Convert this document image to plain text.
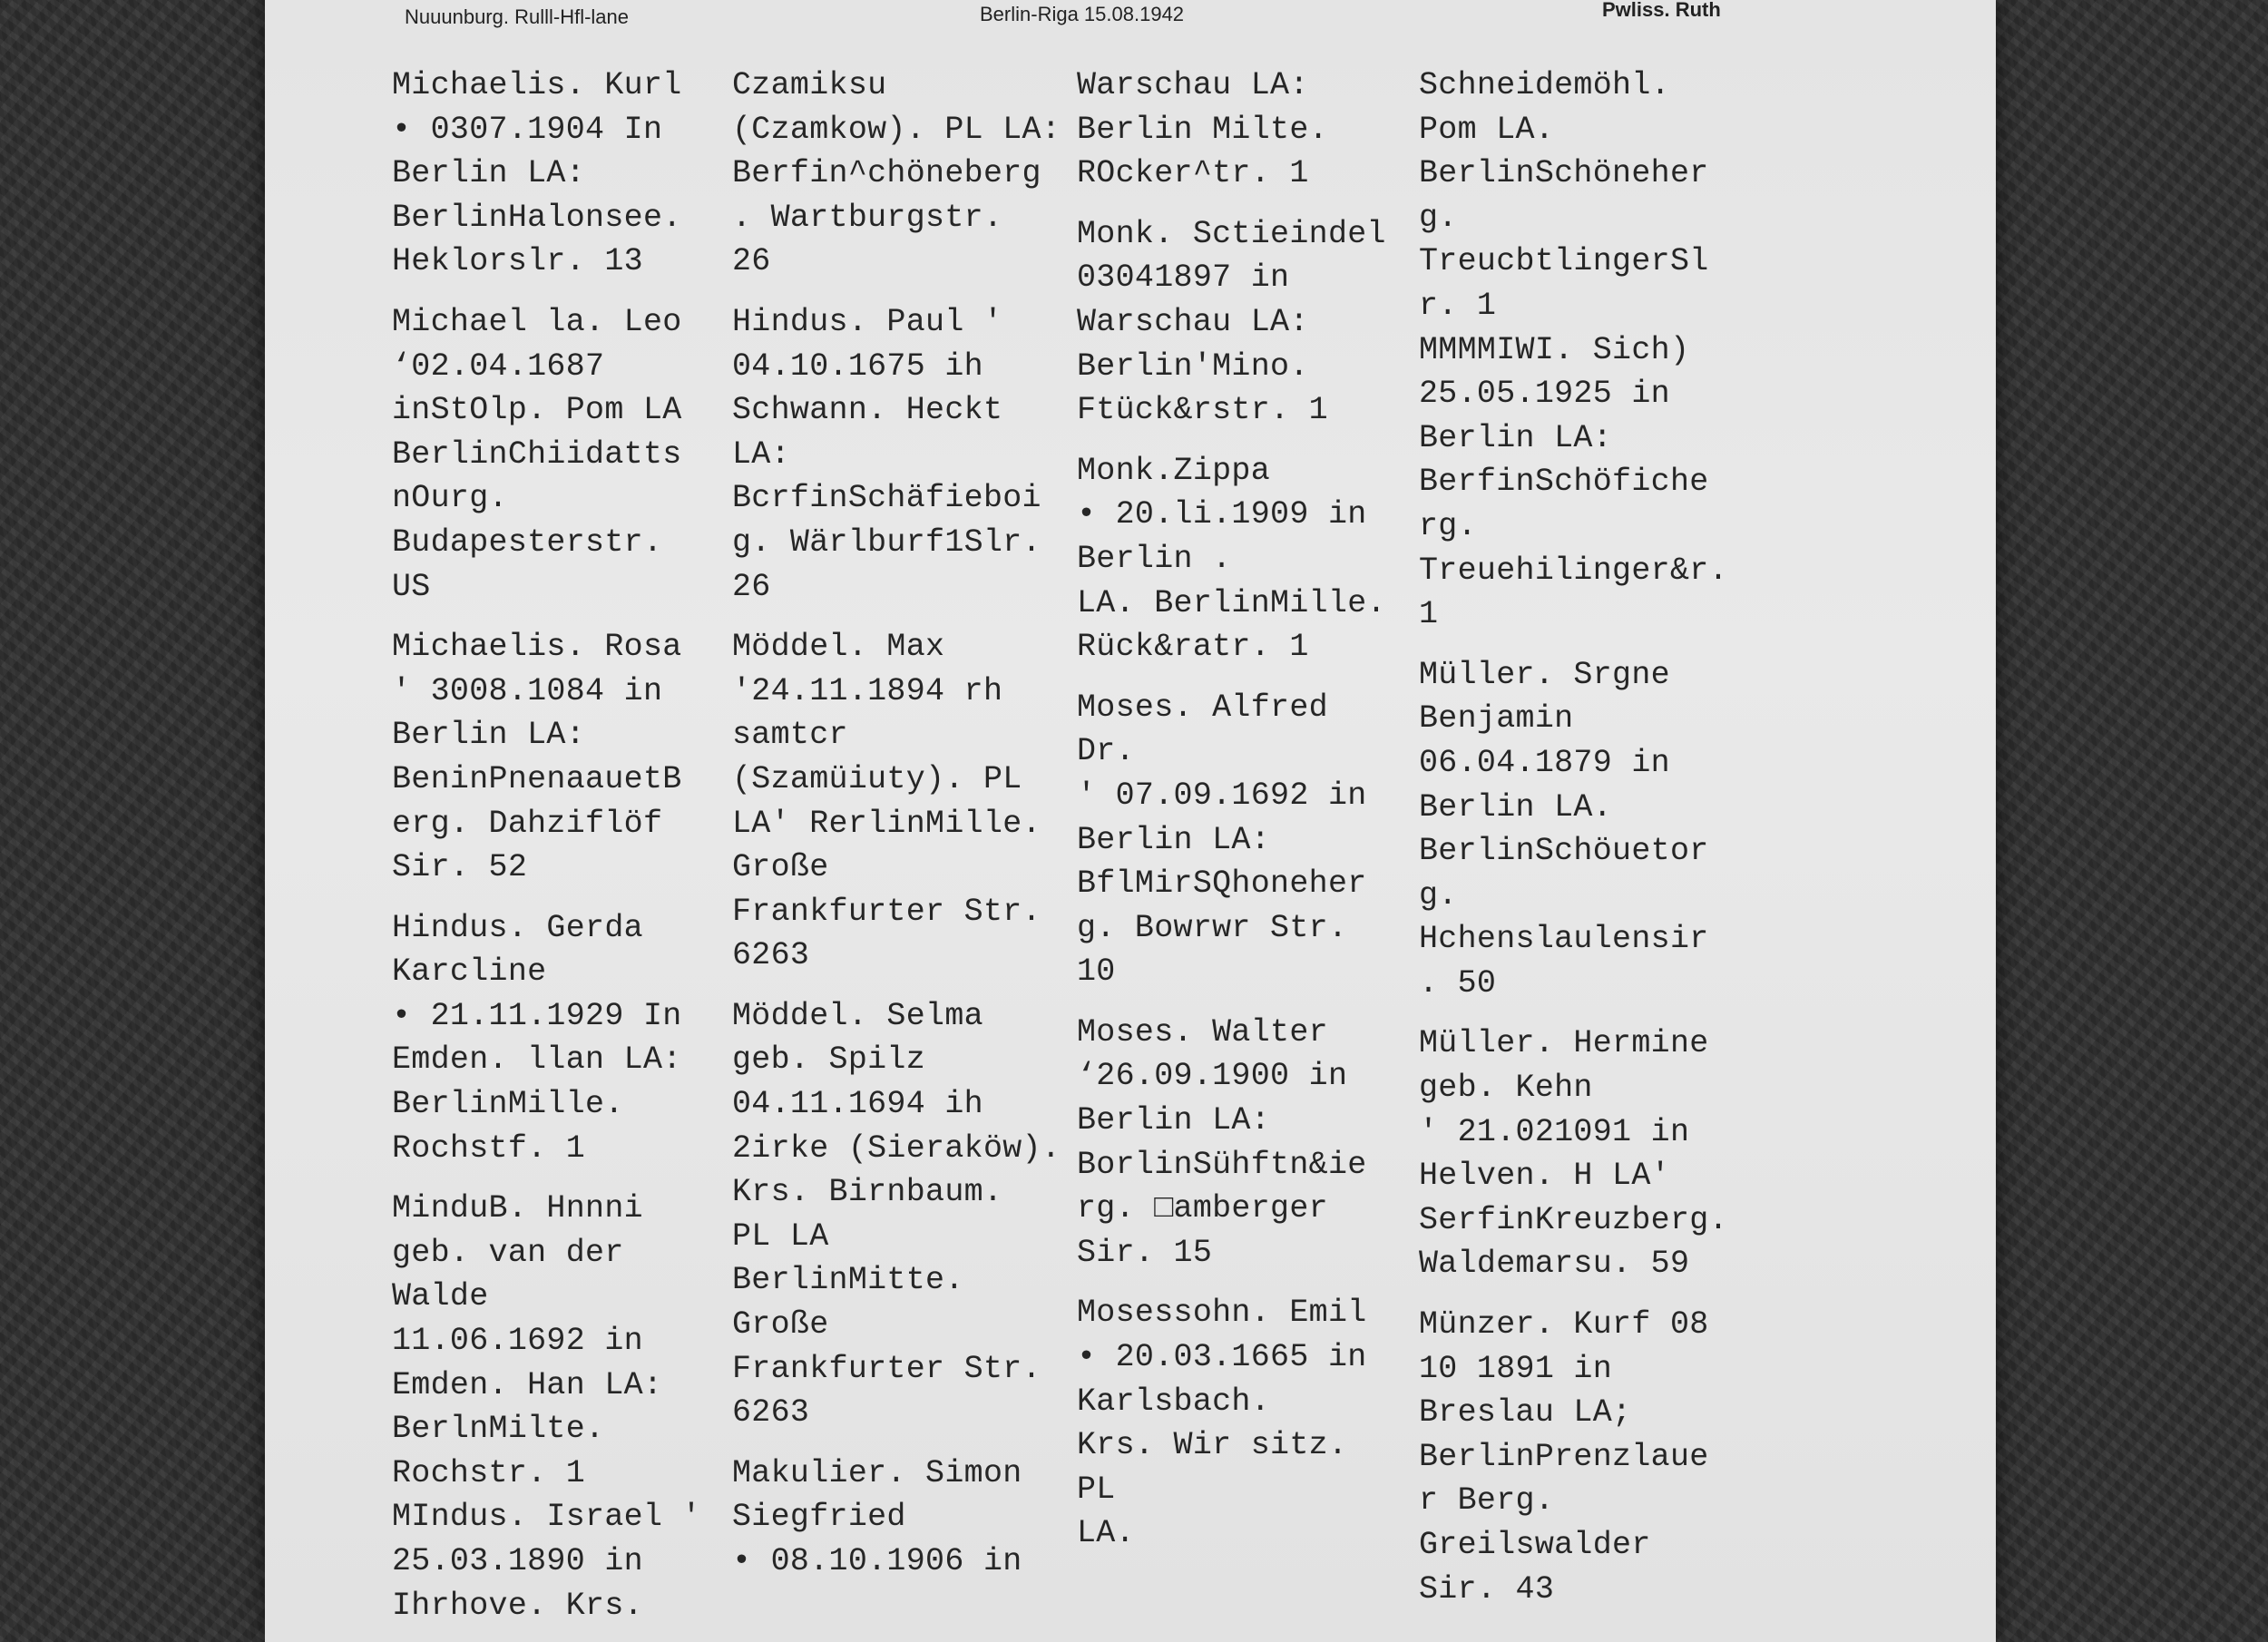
Nuuunburg. Rulll-Hfl-lane	Berlin-Riga 15.08.1942	Pwliss. Ruth
Michaelis. Kurl
• 0307.1904 In
Berlin LA:
BerlinHalonsee.
Heklorslr. 13
Michael la. Leo
‘02.04.1687
inStOlp. Pom LA
BerlinChiidatts
nOurg.
Budapesterstr.
US
Michaelis. Rosa
' 3008.1084 in
Berlin LA:
BeninPnenaauetB
erg. Dahziflöf
Sir. 52
Hindus. Gerda
Karcline
• 21.11.1929 In
Emden. llan LA:
BerlinMille.
Rochstf. 1
MinduB. Hnnni
geb. van der
Walde
11.06.1692 in
Emden. Han LA:
BerlnMilte.
Rochstr. 1
MIndus. Israel '
25.03.1890 in
Ihrhove. Krs.
Czamiksu
(Czamkow). PL LA:
Berfin^chöneberg
. Wartburgstr.
26
Hindus. Paul '
04.10.1675 ih
Schwann. Heckt
LA:
BcrfinSchäfieboi
g. Wärlburf1Slr.
26
Möddel. Max
'24.11.1894 rh
samtcr
(Szamüiuty). PL
LA' RerlinMille.
Große
Frankfurter Str.
6263
Möddel. Selma
geb. Spilz
04.11.1694 ih
2irke (Sieraköw).
Krs. Birnbaum.
PL LA
BerlinMitte.
Große
Frankfurter Str.
6263
Makulier. Simon
Siegfried
• 08.10.1906 in
Warschau LA:
Berlin Milte.
ROcker^tr. 1
Monk. Sctieindel
03041897 in
Warschau LA:
Berlin'Mino.
Ftück&rstr. 1
Monk.Zippa
• 20.li.1909 in
Berlin .
LA. BerlinMille.
Rück&ratr. 1
Moses. Alfred
Dr.
' 07.09.1692 in
Berlin LA:
BflMirSQhoneher
g. Bowrwr Str.
10
Moses. Walter
‘26.09.1900 in
Berlin LA:
BorlinSühftn&ie
rg. □amberger
Sir. 15
Mosessohn. Emil
• 20.03.1665 in
Karlsbach.
Krs. Wir sitz.
PL
LA.
Schneidemöhl.
Pom LA.
BerlinSchöneher
g.
TreucbtlingerSl
r. 1
MMMMIWI. Sich)
25.05.1925 in
Berlin LA:
BerfinSchöfiche
rg.
Treuehilinger&r.
1
Müller. Srgne
Benjamin
06.04.1879 in
Berlin LA.
BerlinSchöuetor
g.
Hchenslaulensir
. 50
Müller. Hermine
geb. Kehn
' 21.021091 in
Helven. H LA'
SerfinKreuzberg.
Waldemarsu. 59
Münzer. Kurf 08
10 1891 in
Breslau LA;
BerlinPrenzlaue
r Berg.
Greilswalder
Sir. 43
